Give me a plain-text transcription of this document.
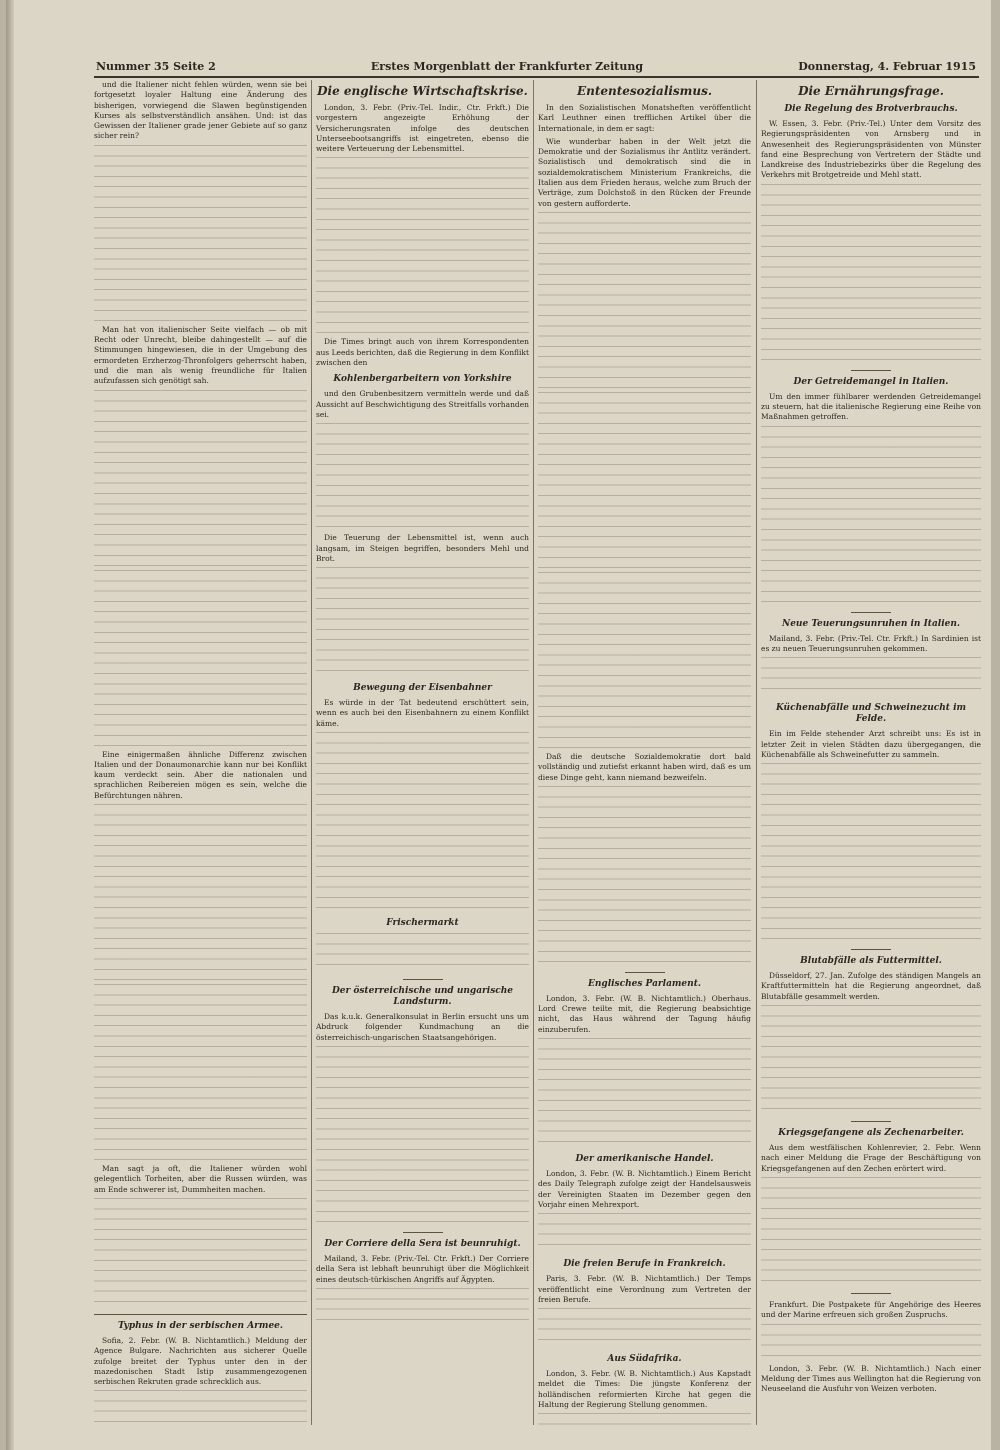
Nummer 35 Seite 2	Erstes Morgenblatt der Frankfurter Zeitung	Donnerstag, 4. Februar 1915

und die Italiener nicht fehlen würden, wenn sie bei fortgesetzt loyaler Haltung eine Änderung des bisherigen, vorwiegend die Slawen begünstigenden Kurses als selbstverständlich ansähen. Und: ist das Gewissen der Italiener grade jener Gebiete auf so ganz sicher rein?

Man hat von italienischer Seite vielfach — ob mit Recht oder Unrecht, bleibe dahingestellt — auf die Stimmungen hingewiesen, die in der Umgebung des ermordeten Erzherzog-Thronfolgers geherrscht haben, und die man als wenig freundliche für Italien aufzufassen sich genötigt sah.

Eine einigermaßen ähnliche Differenz zwischen Italien und der Donaumonarchie kann nur bei Konflikt kaum verdeckt sein. Aber die nationalen und sprachlichen Reibereien mögen es sein, welche die Befürchtungen nähren.

Man sagt ja oft, die Italiener würden wohl gelegentlich Torheiten, aber die Russen würden, was am Ende schwerer ist, Dummheiten machen.

Typhus in der serbischen Armee.

Sofia, 2. Febr. (W. B. Nichtamtlich.) Meldung der Agence Bulgare. Nachrichten aus sicherer Quelle zufolge breitet der Typhus unter den in der mazedonischen Stadt Istip zusammengezogenen serbischen Rekruten grade schrecklich aus.

Die englische Wirtschaftskrise.

London, 3. Febr. (Priv.-Tel. Indir., Ctr. Frkft.) Die vorgestern angezeigte Erhöhung der Versicherungsraten infolge des deutschen Unterseebootsangriffs ist eingetreten, ebenso die weitere Verteuerung der Lebensmittel.

Die Times bringt auch von ihrem Korrespondenten aus Leeds berichten, daß die Regierung in dem Konflikt zwischen den

Kohlenbergarbeitern von Yorkshire

und den Grubenbesitzern vermitteln werde und daß Aussicht auf Beschwichtigung des Streitfalls vorhanden sei.

Die Teuerung der Lebensmittel ist, wenn auch langsam, im Steigen begriffen, besonders Mehl und Brot.

Bewegung der Eisenbahner

Es würde in der Tat bedeutend erschüttert sein, wenn es auch bei den Eisenbahnern zu einem Konflikt käme.

Frischermarkt
Der österreichische und ungarische Landsturm.

Das k.u.k. Generalkonsulat in Berlin ersucht uns um Abdruck folgender Kundmachung an die österreichisch-ungarischen Staatsangehörigen.

Der Corriere della Sera ist beunruhigt.

Mailand, 3. Febr. (Priv.-Tel. Ctr. Frkft.) Der Corriere della Sera ist lebhaft beunruhigt über die Möglichkeit eines deutsch-türkischen Angriffs auf Ägypten.

Ententesozialismus.

In den Sozialistischen Monatsheften veröffentlicht Karl Leuthner einen trefflichen Artikel über die Internationale, in dem er sagt:

Wie wunderbar haben in der Welt jetzt die Demokratie und der Sozialismus ihr Antlitz verändert. Sozialistisch und demokratisch sind die in sozialdemokratischem Ministerium Frankreichs, die Italien aus dem Frieden heraus, welche zum Bruch der Verträge, zum Dolchstoß in den Rücken der Freunde von gestern aufforderte.

Daß die deutsche Sozialdemokratie dort bald vollständig und zutiefst erkannt haben wird, daß es um diese Dinge geht, kann niemand bezweifeln.

Englisches Parlament.

London, 3. Febr. (W. B. Nichtamtlich.) Oberhaus. Lord Crewe teilte mit, die Regierung beabsichtige nicht, das Haus während der Tagung häufig einzuberufen.

Der amerikanische Handel.

London, 3. Febr. (W. B. Nichtamtlich.) Einem Bericht des Daily Telegraph zufolge zeigt der Handelsausweis der Vereinigten Staaten im Dezember gegen den Vorjahr einen Mehrexport.

Die freien Berufe in Frankreich.

Paris, 3. Febr. (W. B. Nichtamtlich.) Der Temps veröffentlicht eine Verordnung zum Vertreten der freien Berufe.

Aus Südafrika.

London, 3. Febr. (W. B. Nichtamtlich.) Aus Kapstadt meldet die Times: Die jüngste Konferenz der holländischen reformierten Kirche hat gegen die Haltung der Regierung Stellung genommen.

Die Ernährungsfrage.
Die Regelung des Brotverbrauchs.

W. Essen, 3. Febr. (Priv.-Tel.) Unter dem Vorsitz des Regierungspräsidenten von Arnsberg und in Anwesenheit des Regierungspräsidenten von Münster fand eine Besprechung von Vertretern der Städte und Landkreise des Industriebezirks über die Regelung des Verkehrs mit Brotgetreide und Mehl statt.

Der Getreidemangel in Italien.

Um den immer fühlbarer werdenden Getreidemangel zu steuern, hat die italienische Regierung eine Reihe von Maßnahmen getroffen.

Neue Teuerungsunruhen in Italien.

Mailand, 3. Febr. (Priv.-Tel. Ctr. Frkft.) In Sardinien ist es zu neuen Teuerungsunruhen gekommen.

Küchenabfälle und Schweinezucht im Felde.

Ein im Felde stehender Arzt schreibt uns: Es ist in letzter Zeit in vielen Städten dazu übergegangen, die Küchenabfälle als Schweinefutter zu sammeln.

Blutabfälle als Futtermittel.

Düsseldorf, 27. Jan. Zufolge des ständigen Mangels an Kraftfuttermitteln hat die Regierung angeordnet, daß Blutabfälle gesammelt werden.

Kriegsgefangene als Zechenarbeiter.

Aus dem westfälischen Kohlenrevier, 2. Febr. Wenn nach einer Meldung die Frage der Beschäftigung von Kriegsgefangenen auf den Zechen erörtert wird.

Frankfurt. Die Postpakete für Angehörige des Heeres und der Marine erfreuen sich großen Zuspruchs.

London, 3. Febr. (W. B. Nichtamtlich.) Nach einer Meldung der Times aus Wellington hat die Regierung von Neuseeland die Ausfuhr von Weizen verboten.
